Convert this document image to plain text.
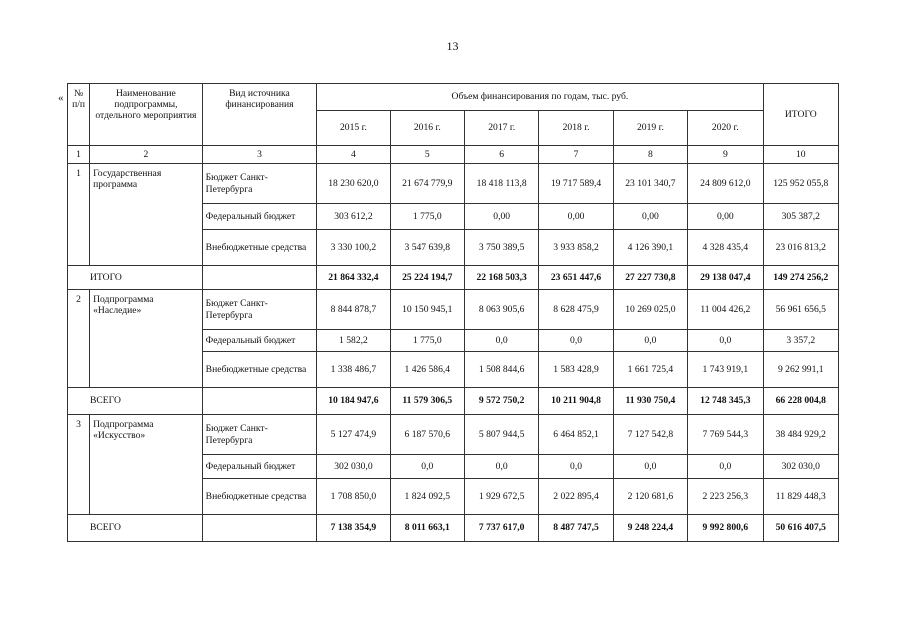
13
« № п/п	Наименование подпрограммы, отдельного мероприятия	Вид источника финансирования	Объем финансирования по годам, тыс. руб.						ИТОГО
			2015 г.	2016 г.	2017 г.	2018 г.	2019 г.	2020 г.	
1	2	3	4	5	6	7	8	9	10
1	Государственная программа	Бюджет Санкт-Петербурга	18 230 620,0	21 674 779,9	18 418 113,8	19 717 589,4	23 101 340,7	24 809 612,0	125 952 055,8
		Федеральный бюджет	303 612,2	1 775,0	0,00	0,00	0,00	0,00	305 387,2
		Внебюджетные средства	3 330 100,2	3 547 639,8	3 750 389,5	3 933 858,2	4 126 390,1	4 328 435,4	23 016 813,2
ИТОГО			21 864 332,4	25 224 194,7	22 168 503,3	23 651 447,6	27 227 730,8	29 138 047,4	149 274 256,2
2	Подпрограмма «Наследие»	Бюджет Санкт-Петербурга	8 844 878,7	10 150 945,1	8 063 905,6	8 628 475,9	10 269 025,0	11 004 426,2	56 961 656,5
		Федеральный бюджет	1 582,2	1 775,0	0,0	0,0	0,0	0,0	3 357,2
		Внебюджетные средства	1 338 486,7	1 426 586,4	1 508 844,6	1 583 428,9	1 661 725,4	1 743 919,1	9 262 991,1
ВСЕГО			10 184 947,6	11 579 306,5	9 572 750,2	10 211 904,8	11 930 750,4	12 748 345,3	66 228 004,8
3	Подпрограмма «Искусство»	Бюджет Санкт-Петербурга	5 127 474,9	6 187 570,6	5 807 944,5	6 464 852,1	7 127 542,8	7 769 544,3	38 484 929,2
		Федеральный бюджет	302 030,0	0,0	0,0	0,0	0,0	0,0	302 030,0
		Внебюджетные средства	1 708 850,0	1 824 092,5	1 929 672,5	2 022 895,4	2 120 681,6	2 223 256,3	11 829 448,3
ВСЕГО			7 138 354,9	8 011 663,1	7 737 617,0	8 487 747,5	9 248 224,4	9 992 800,6	50 616 407,5
